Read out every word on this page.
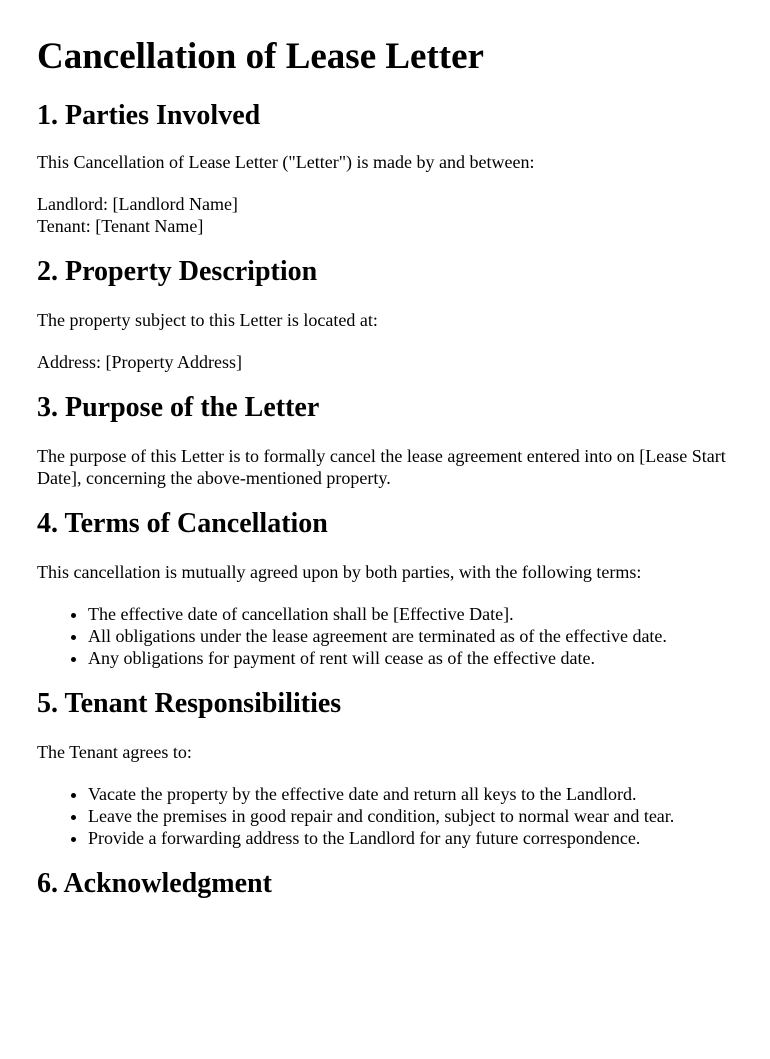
Cancellation of Lease Letter
1. Parties Involved

This Cancellation of Lease Letter ("Letter") is made by and between:

Landlord: [Landlord Name]

Tenant: [Tenant Name]

2. Property Description

The property subject to this Letter is located at:

Address: [Property Address]

3. Purpose of the Letter

The purpose of this Letter is to formally cancel the lease agreement entered into on [Lease Start Date], concerning the above-mentioned property.

4. Terms of Cancellation

This cancellation is mutually agreed upon by both parties, with the following terms:

• The effective date of cancellation shall be [Effective Date].
• All obligations under the lease agreement are terminated as of the effective date.
• Any obligations for payment of rent will cease as of the effective date.
5. Tenant Responsibilities

The Tenant agrees to:

• Vacate the property by the effective date and return all keys to the Landlord.
• Leave the premises in good repair and condition, subject to normal wear and tear.
• Provide a forwarding address to the Landlord for any future correspondence.
6. Acknowledgment
